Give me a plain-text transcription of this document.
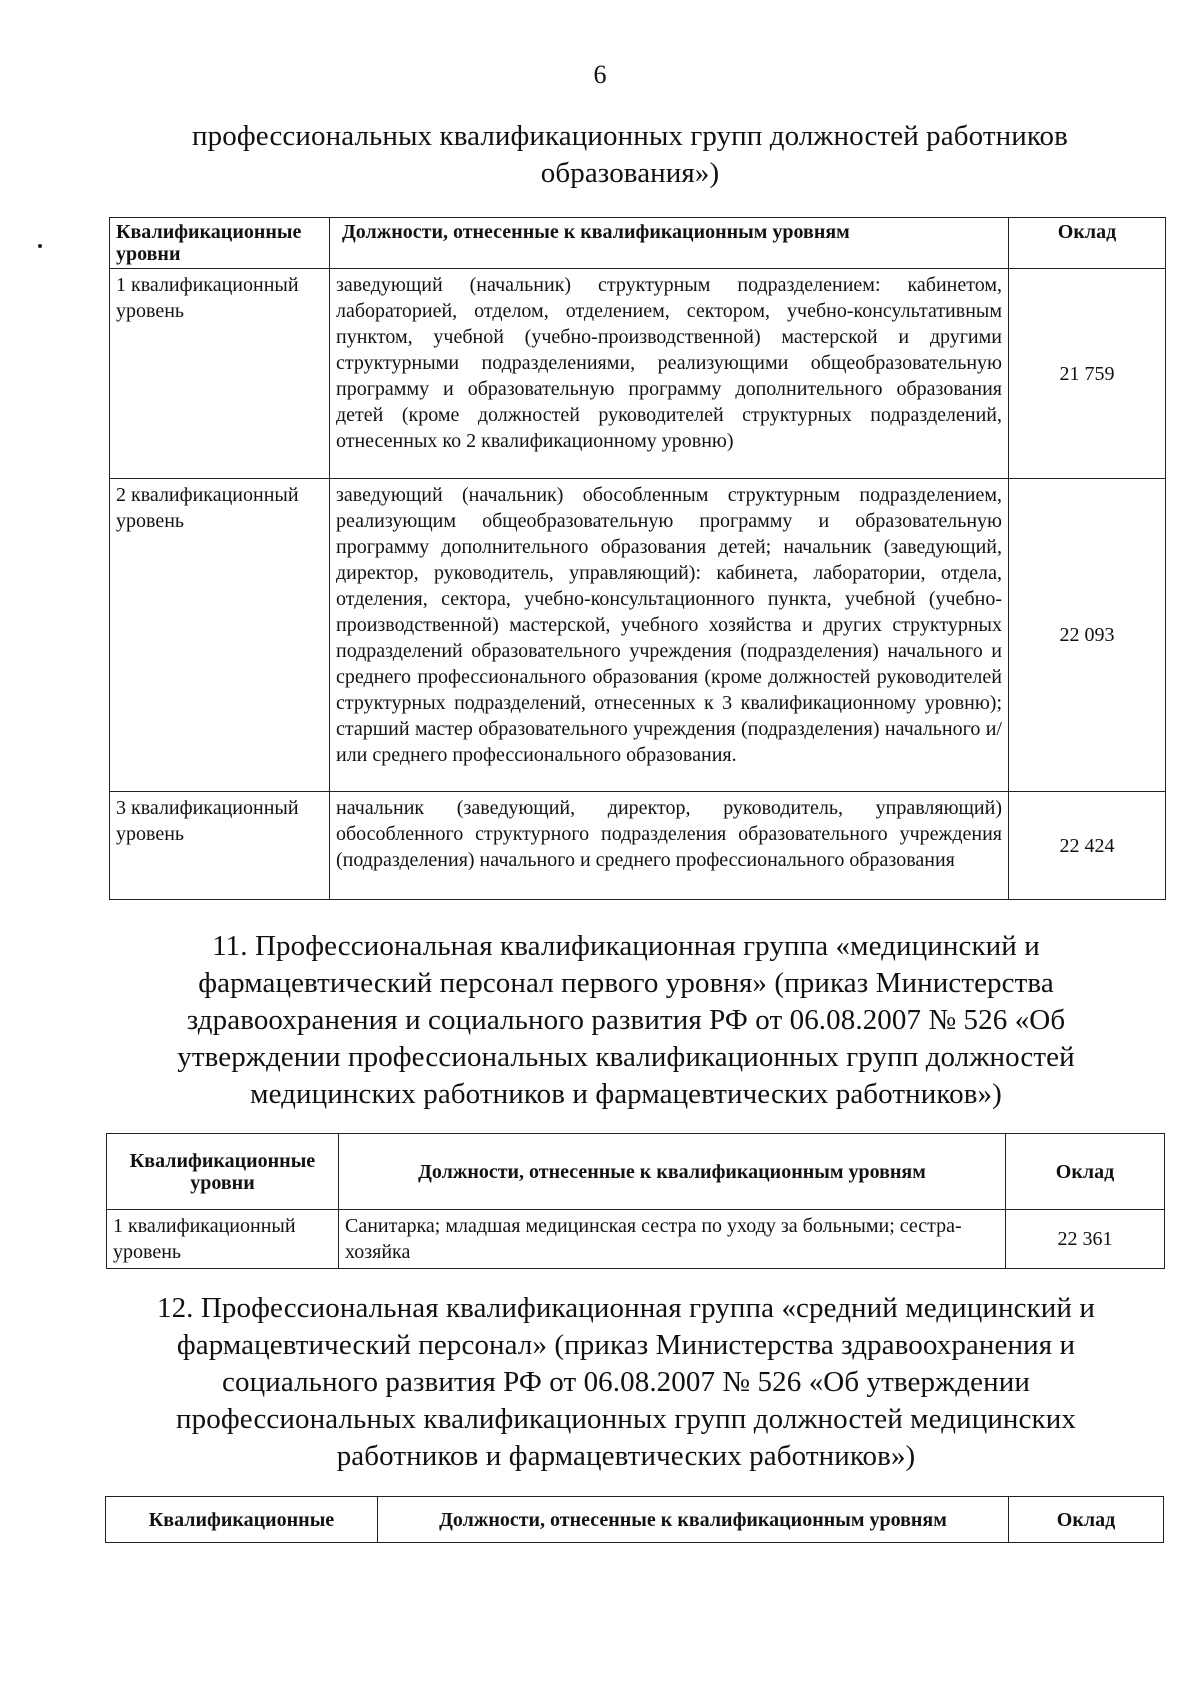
6
профессиональных квалификационных групп должностей работников
образования»)
Квалификационные уровни	Должности, отнесенные к квалификационным уровням	Оклад
1 квалификационный уровень	заведующий (начальник) структурным подразделением: кабинетом, лабораторией, отделом, отделением, сектором, учебно-консультативным пунктом, учебной (учебно-производственной) мастерской и другими структурными подразделениями, реализующими общеобразовательную программу и образовательную программу дополнительного образования детей (кроме должностей руководителей структурных подразделений, отнесенных ко 2 квалификационному уровню)	21 759
2 квалификационный уровень	заведующий (начальник) обособленным структурным подразделением, реализующим общеобразовательную программу и образовательную программу дополнительного образования детей; начальник (заведующий, директор, руководитель, управляющий): кабинета, лаборатории, отдела, отделения, сектора, учебно-консультационного пункта, учебной (учебно-производственной) мастерской, учебного хозяйства и других структурных подразделений образовательного учреждения (подразделения) начального и среднего профессионального образования (кроме должностей руководителей структурных подразделений, отнесенных к 3 квалификационному уровню); старший мастер образовательного учреждения (подразделения) начального и/ или среднего профессионального образования.	22 093
3 квалификационный уровень	начальник (заведующий, директор, руководитель, управляющий) обособленного структурного подразделения образовательного учреждения (подразделения) начального и среднего профессионального образования	22 424
11. Профессиональная квалификационная группа «медицинский и
фармацевтический персонал первого уровня» (приказ Министерства
здравоохранения и социального развития РФ от 06.08.2007 № 526 «Об
утверждении профессиональных квалификационных групп должностей
медицинских работников и фармацевтических работников»)
Квалификационные уровни	Должности, отнесенные к квалификационным уровням	Оклад
1 квалификационный уровень	Санитарка; младшая медицинская сестра по уходу за больными; сестра-хозяйка	22 361
12. Профессиональная квалификационная группа «средний медицинский и
фармацевтический персонал» (приказ Министерства здравоохранения и
социального развития РФ от 06.08.2007 № 526 «Об утверждении
профессиональных квалификационных групп должностей медицинских
работников и фармацевтических работников»)
Квалификационные	Должности, отнесенные к квалификационным уровням	Оклад
